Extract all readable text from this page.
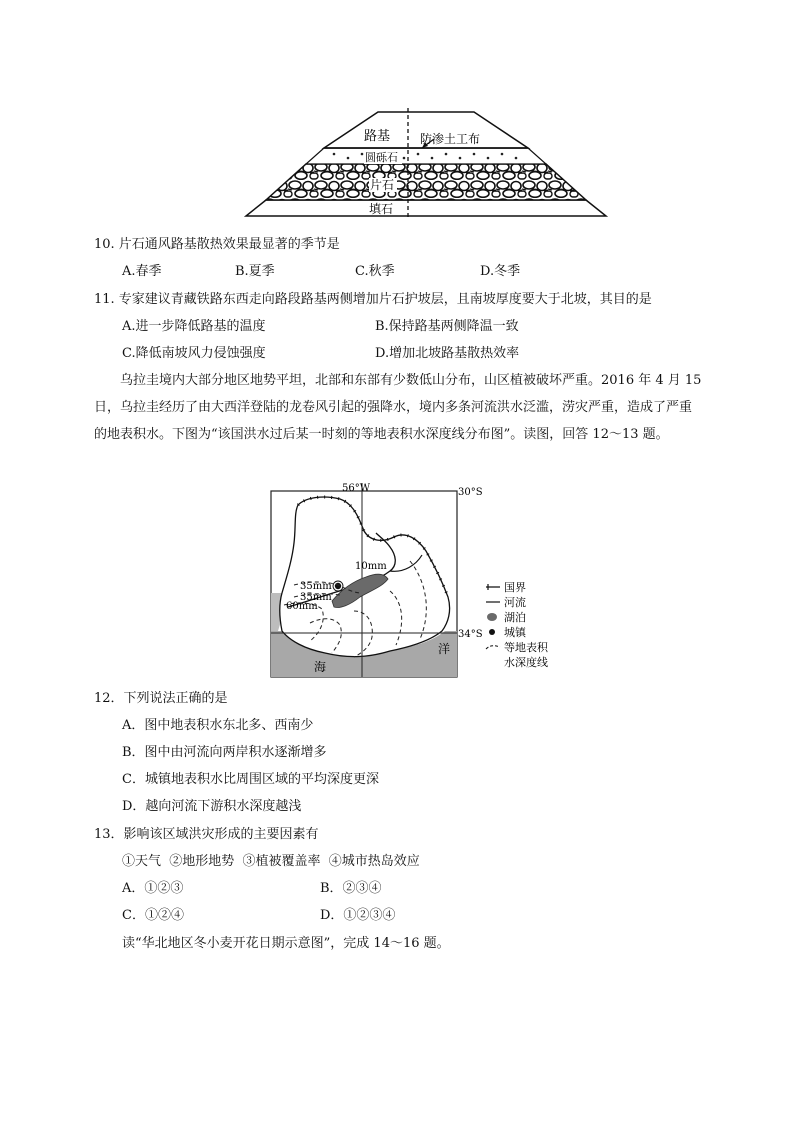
路基 防渗土工布
圆砾石
片石
填石
10. 片石通风路基散热效果最显著的季节是
A.春季	B.夏季	C.秋季	D.冬季
11. 专家建议青藏铁路东西走向路段路基两侧增加片石护坡层，且南坡厚度要大于北坡，其目的是
A.进一步降低路基的温度	B.保持路基两侧降温一致
C.降低南坡风力侵蚀强度	D.增加北坡路基散热效率
乌拉圭境内大部分地区地势平坦，北部和东部有少数低山分布，山区植被破坏严重。2016 年 4 月 15 日，乌拉圭经历了由大西洋登陆的龙卷风引起的强降水，境内多条河流洪水泛滥，涝灾严重，造成了严重的地表积水。下图为“该国洪水过后某一时刻的等地表积水深度线分布图”。读图，回答 12～13 题。
56°W	30°S
34°S
10mm
35mm
35mm
60mm
海
洋
国界
河流
湖泊
城镇
等地表积
水深度线
12．下列说法正确的是
A．图中地表积水东北多、西南少
B．图中由河流向两岸积水逐渐增多
C．城镇地表积水比周围区域的平均深度更深
D．越向河流下游积水深度越浅
13．影响该区域洪灾形成的主要因素有
①天气  ②地形地势  ③植被覆盖率  ④城市热岛效应
A．①②③	B．②③④
C．①②④	D．①②③④
读“华北地区冬小麦开花日期示意图”，完成 14～16 题。
